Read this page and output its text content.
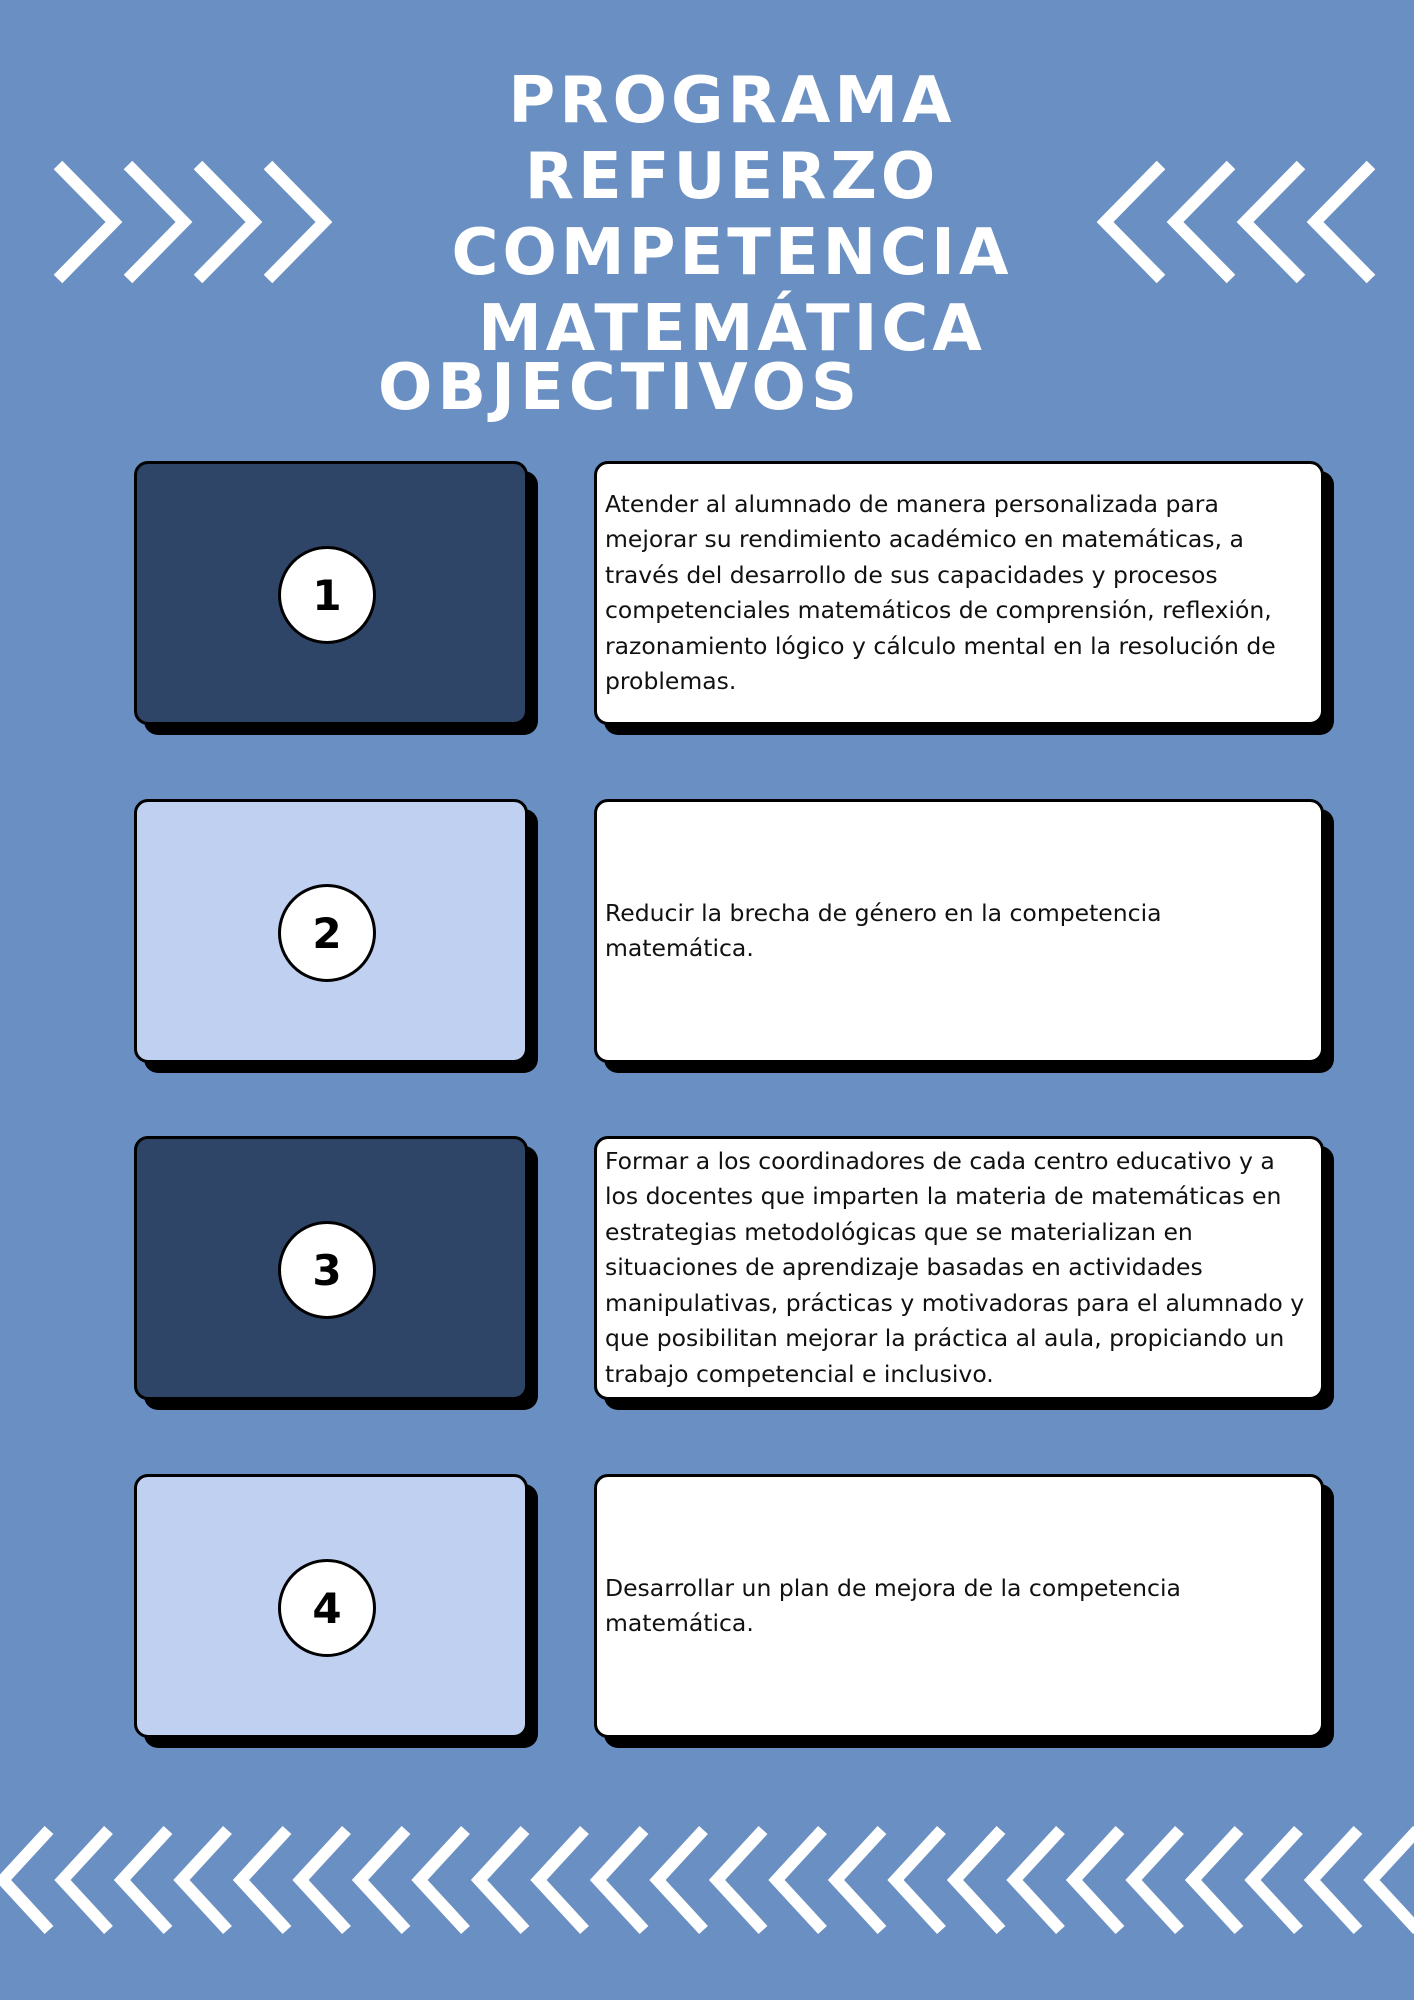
PROGRAMA REFUERZO
COMPETENCIA
MATEMÁTICA
OBJECTIVOS
1

Atender al alumnado de manera personalizada para mejorar su rendimiento académico en matemáticas, a través del desarrollo de sus capacidades y procesos competenciales matemáticos de comprensión, reflexión, razonamiento lógico y cálculo mental en la resolución de problemas.

2	Reducir la brecha de género en la competencia matemática.

3

Formar a los coordinadores de cada centro educativo y a los docentes que imparten la materia de matemáticas en estrategias metodológicas que se materializan en situaciones de aprendizaje basadas en actividades manipulativas, prácticas y motivadoras para el alumnado y que posibilitan mejorar la práctica al aula, propiciando un trabajo competencial e inclusivo.

4	Desarrollar un plan de mejora de la competencia matemática.
